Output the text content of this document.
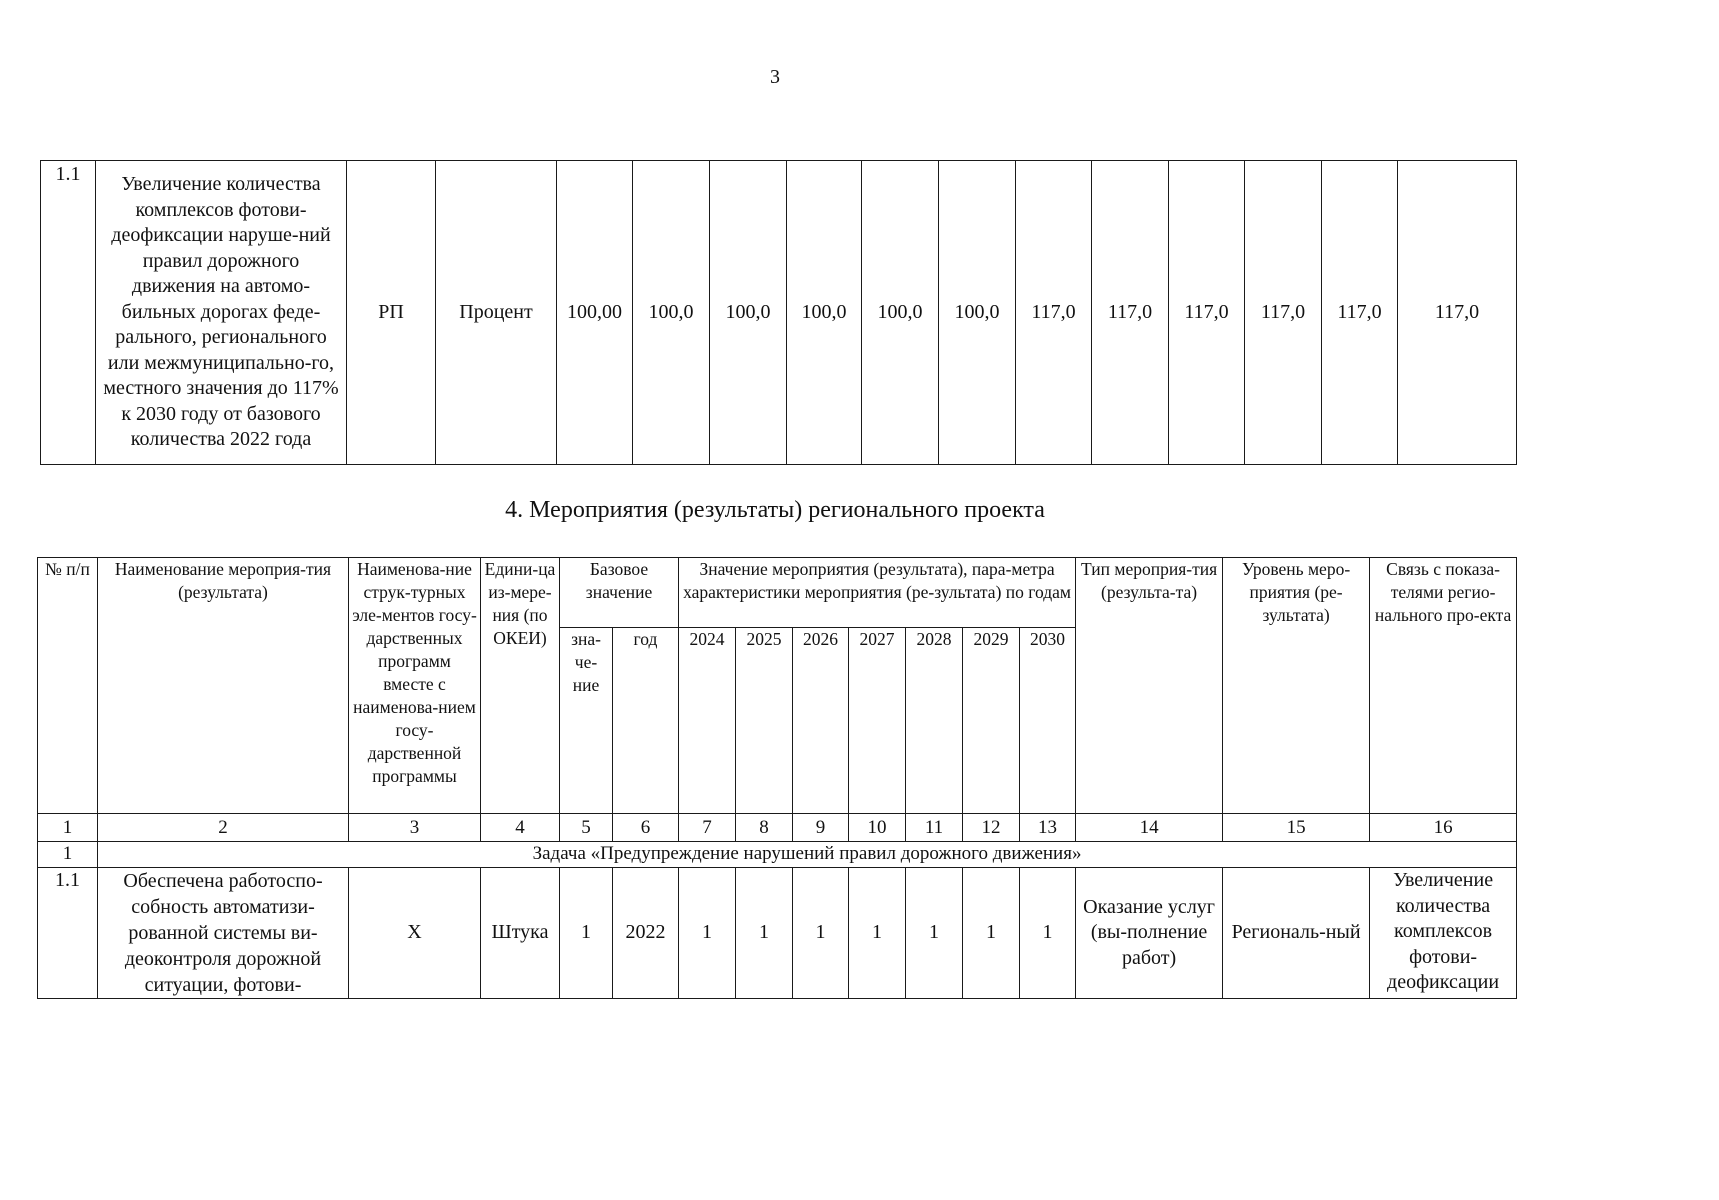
3
1.1	Увеличение количества комплексов фотови-деофиксации наруше-ний правил дорожного движения на автомо-бильных дорогах феде-рального, регионального или межмуниципально-го, местного значения до 117% к 2030 году от базового количества 2022 года	РП	Процент	100,00	100,0	100,0	100,0	100,0	100,0	117,0	117,0	117,0	117,0	117,0	117,0
4. Мероприятия (результаты) регионального проекта
№ п/п	Наименование мероприя-тия (результата)	Наименова-ние струк-турных эле-ментов госу-дарственных программ вместе с наименова-нием госу-дарственной программы	Едини-ца из-мере-ния (по ОКЕИ)	Базовое значение		Значение мероприятия (результата), пара-метра характеристики мероприятия (ре-зультата) по годам							Тип мероприя-тия (результа-та)	Уровень меро-приятия (ре-зультата)	Связь с показа-телями регио-нального про-екта
				зна-че-ние	год	2024	2025	2026	2027	2028	2029	2030			
1	2	3	4	5	6	7	8	9	10	11	12	13	14	15	16
1	Задача «Предупреждение нарушений правил дорожного движения»														
1.1	Обеспечена работоспо-собность автоматизи-рованной системы ви-деоконтроля дорожной ситуации, фотови-	Х	Штука	1	2022	1	1	1	1	1	1	1	Оказание услуг (вы-полнение работ)	Региональ-ный	Увеличение количества комплексов фотови-деофиксации
